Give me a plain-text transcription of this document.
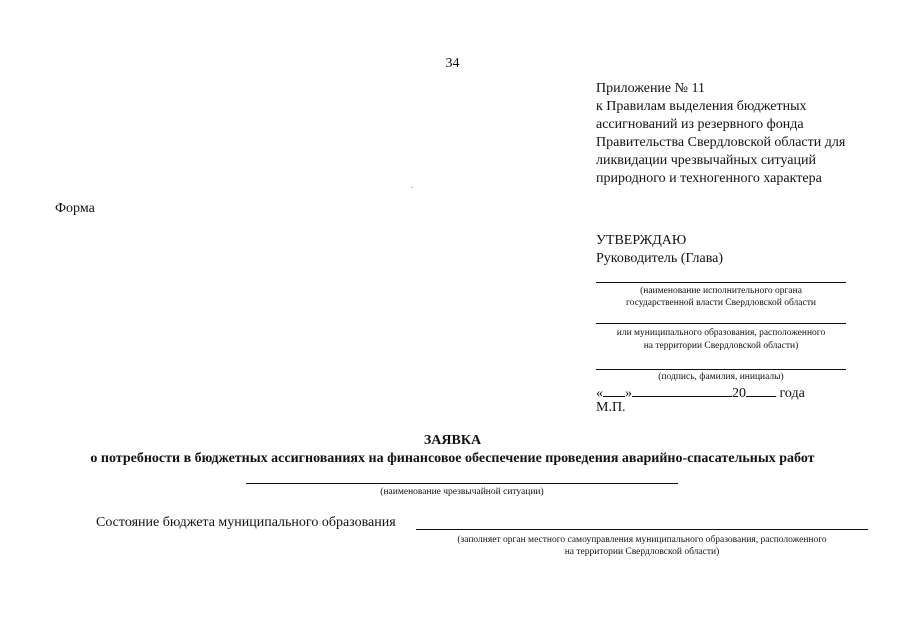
34
Приложение № 11
к Правилам выделения бюджетных
ассигнований из резервного фонда
Правительства Свердловской области для
ликвидации чрезвычайных ситуаций
природного и техногенного характера
.
Форма
УТВЕРЖДАЮ
Руководитель (Глава)
(наименование исполнительного органа
государственной власти Свердловской области
или муниципального образования, расположенного
на территории Свердловской области)
(подпись, фамилия, инициалы)
« »	20 года
М.П.
ЗАЯВКА
о потребности в бюджетных ассигнованиях на финансовое обеспечение проведения аварийно-спасательных работ
(наименование чрезвычайной ситуации)
Состояние бюджета муниципального образования
(заполняет орган местного самоуправления муниципального образования, расположенного
на территории Свердловской области)
